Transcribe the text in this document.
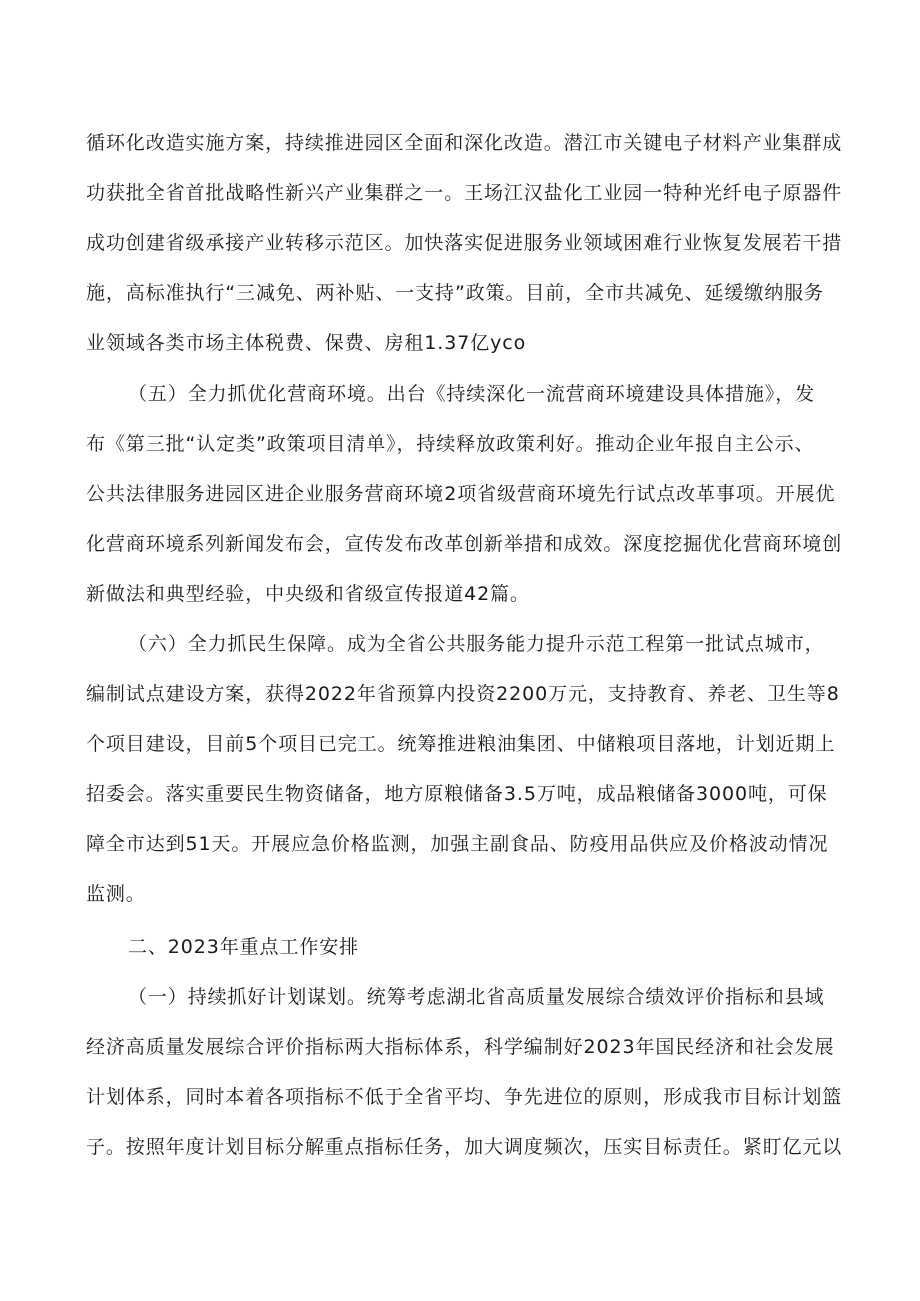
循环化改造实施方案，持续推进园区全面和深化改造。潜江市关键电子材料产业集群成
功获批全省首批战略性新兴产业集群之一。王场江汉盐化工业园一特种光纤电子原器件
成功创建省级承接产业转移示范区。加快落实促进服务业领域困难行业恢复发展若干措
施，高标准执行“三减免、两补贴、一支持”政策。目前，全市共减免、延缓缴纳服务
业领域各类市场主体税费、保费、房租1.37亿yco
（五）全力抓优化营商环境。出台《持续深化一流营商环境建设具体措施》，发
布《第三批“认定类”政策项目清单》，持续释放政策利好。推动企业年报自主公示、
公共法律服务进园区进企业服务营商环境2项省级营商环境先行试点改革事项。开展优
化营商环境系列新闻发布会，宣传发布改革创新举措和成效。深度挖掘优化营商环境创
新做法和典型经验，中央级和省级宣传报道42篇。
（六）全力抓民生保障。成为全省公共服务能力提升示范工程第一批试点城市，
编制试点建设方案，获得2022年省预算内投资2200万元，支持教育、养老、卫生等8
个项目建设，目前5个项目已完工。统筹推进粮油集团、中储粮项目落地，计划近期上
招委会。落实重要民生物资储备，地方原粮储备3.5万吨，成品粮储备3000吨，可保
障全市达到51天。开展应急价格监测，加强主副食品、防疫用品供应及价格波动情况
监测。
二、2023年重点工作安排
（一）持续抓好计划谋划。统筹考虑湖北省高质量发展综合绩效评价指标和县域
经济高质量发展综合评价指标两大指标体系，科学编制好2023年国民经济和社会发展
计划体系，同时本着各项指标不低于全省平均、争先进位的原则，形成我市目标计划篮
子。按照年度计划目标分解重点指标任务，加大调度频次，压实目标责任。紧盯亿元以
